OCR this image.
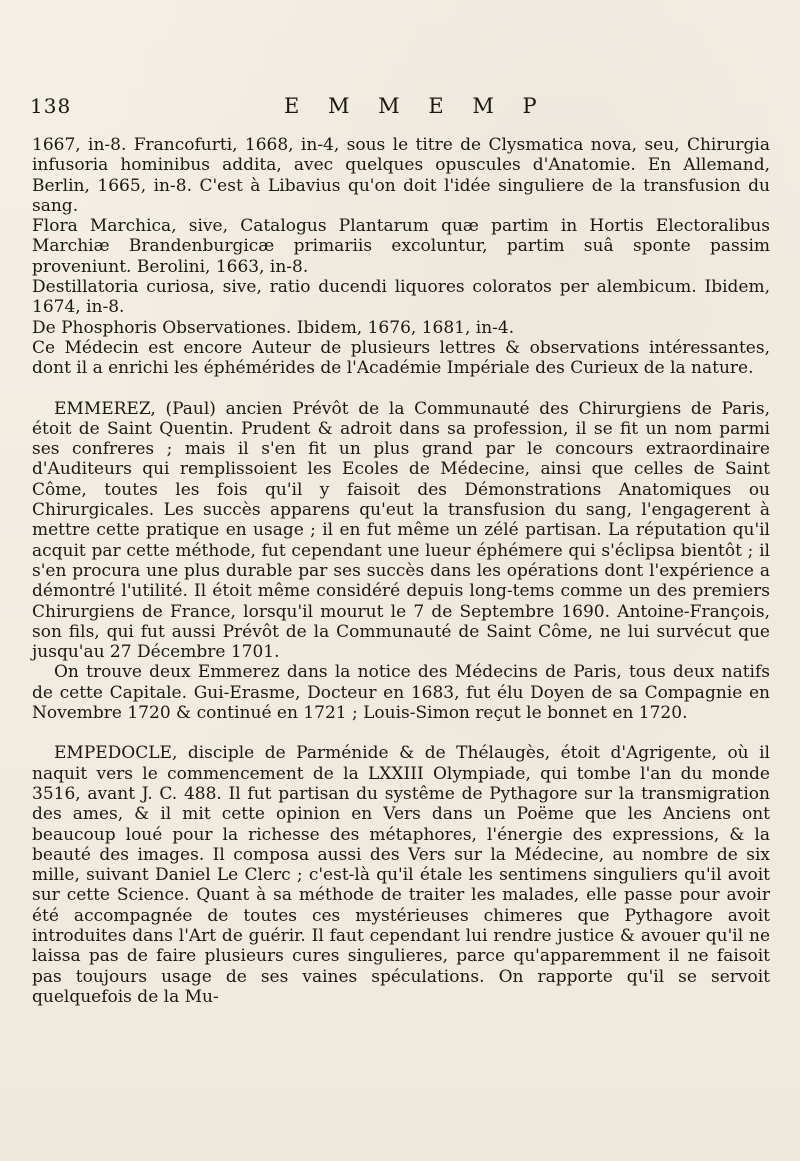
138	E M M E M P

1667, in-8. Francofurti, 1668, in-4, sous le titre de Clysmatica nova, seu, Chirurgia infusoria hominibus addita, avec quelques opuscules d'Anatomie. En Allemand, Berlin, 1665, in-8. C'est à Libavius qu'on doit l'idée singuliere de la transfusion du sang.

Flora Marchica, sive, Catalogus Plantarum quæ partim in Hortis Electoralibus Marchiæ Brandenburgicæ primariis excoluntur, partim suâ sponte passim proveniunt. Berolini, 1663, in-8.

Destillatoria curiosa, sive, ratio ducendi liquores coloratos per alembicum. Ibidem, 1674, in-8.

De Phosphoris Observationes. Ibidem, 1676, 1681, in-4.

Ce Médecin est encore Auteur de plusieurs lettres & observations intéressantes, dont il a enrichi les éphémérides de l'Académie Impériale des Curieux de la nature.

EMMEREZ, (Paul) ancien Prévôt de la Communauté des Chirurgiens de Paris, étoit de Saint Quentin. Prudent & adroit dans sa profession, il se fit un nom parmi ses confreres ; mais il s'en fit un plus grand par le concours extraordinaire d'Auditeurs qui remplissoient les Ecoles de Médecine, ainsi que celles de Saint Côme, toutes les fois qu'il y faisoit des Démonstrations Anatomiques ou Chirurgicales. Les succès apparens qu'eut la transfusion du sang, l'engagerent à mettre cette pratique en usage ; il en fut même un zélé partisan. La réputation qu'il acquit par cette méthode, fut cependant une lueur éphémere qui s'éclipsa bientôt ; il s'en procura une plus durable par ses succès dans les opérations dont l'expérience a démontré l'utilité. Il étoit même considéré depuis long-tems comme un des premiers Chirurgiens de France, lorsqu'il mourut le 7 de Septembre 1690. Antoine-François, son fils, qui fut aussi Prévôt de la Communauté de Saint Côme, ne lui survécut que jusqu'au 27 Décembre 1701.

On trouve deux Emmerez dans la notice des Médecins de Paris, tous deux natifs de cette Capitale. Gui-Erasme, Docteur en 1683, fut élu Doyen de sa Compagnie en Novembre 1720 & continué en 1721 ; Louis-Simon reçut le bonnet en 1720.

EMPEDOCLE, disciple de Parménide & de Thélaugès, étoit d'Agrigente, où il naquit vers le commencement de la LXXIII Olympiade, qui tombe l'an du monde 3516, avant J. C. 488. Il fut partisan du systême de Pythagore sur la transmigration des ames, & il mit cette opinion en Vers dans un Poëme que les Anciens ont beaucoup loué pour la richesse des métaphores, l'énergie des expressions, & la beauté des images. Il composa aussi des Vers sur la Médecine, au nombre de six mille, suivant Daniel Le Clerc ; c'est-là qu'il étale les sentimens singuliers qu'il avoit sur cette Science. Quant à sa méthode de traiter les malades, elle passe pour avoir été accompagnée de toutes ces mystérieuses chimeres que Pythagore avoit introduites dans l'Art de guérir. Il faut cependant lui rendre justice & avouer qu'il ne laissa pas de faire plusieurs cures singulieres, parce qu'apparemment il ne faisoit pas toujours usage de ses vaines spéculations. On rapporte qu'il se servoit quelquefois de la Mu-
